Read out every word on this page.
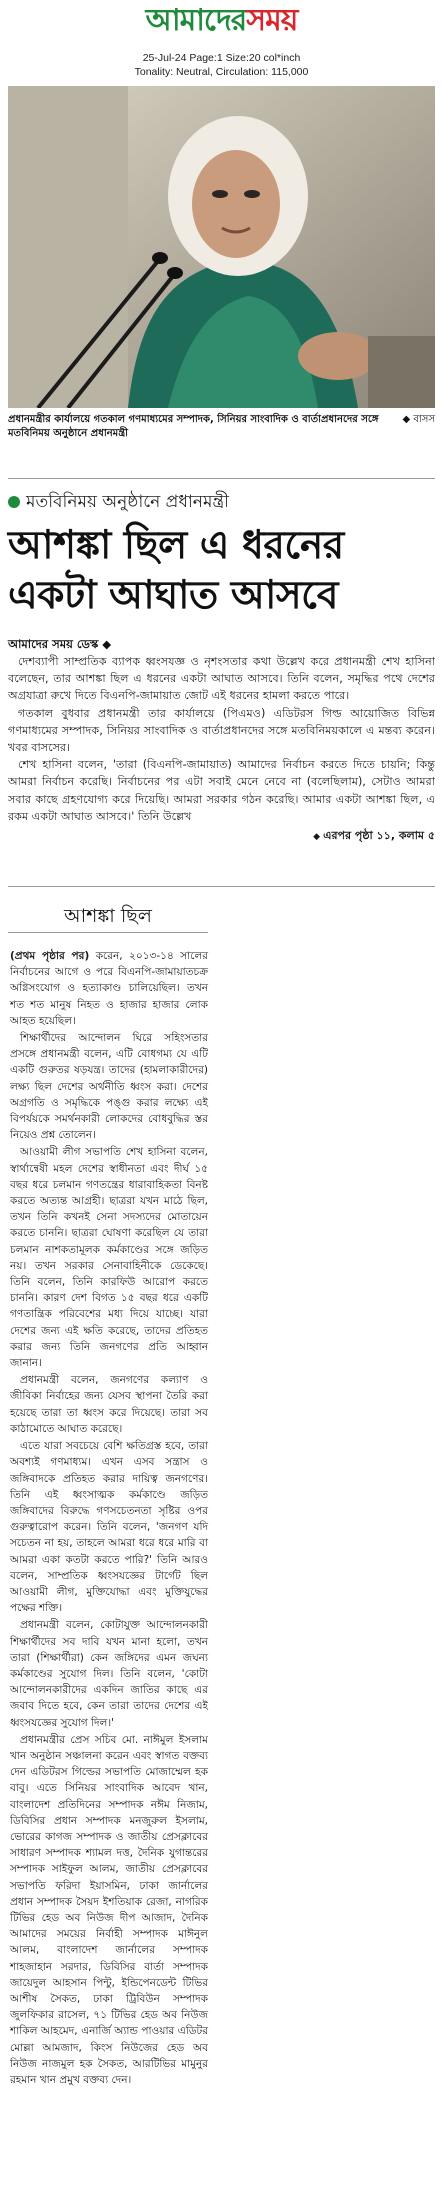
আমাদেরসময়
25-Jul-24 Page:1 Size:20 col*inch
Tonality: Neutral, Circulation: 115,000
◆ বাসস
প্রধানমন্ত্রীর কার্যালয়ে গতকাল গণমাধ্যমের সম্পাদক, সিনিয়র সাংবাদিক ও বার্তাপ্রধানদের সঙ্গে মতবিনিময় অনুষ্ঠানে প্রধানমন্ত্রী
মতবিনিময় অনুষ্ঠানে প্রধানমন্ত্রী
আশঙ্কা ছিল এ ধরনের
একটা আঘাত আসবে
আমাদের সময় ডেস্ক ◆

দেশব্যাপী সাম্প্রতিক ব্যাপক ধ্বংসযজ্ঞ ও নৃশংসতার কথা উল্লেখ করে প্রধানমন্ত্রী শেখ হাসিনা বলেছেন, তার আশঙ্কা ছিল এ ধরনের একটা আঘাত আসবে। তিনি বলেন, সমৃদ্ধির পথে দেশের অগ্রযাত্রা রুখে দিতে বিএনপি-জামায়াত জোট এই ধরনের হামলা করতে পারে।

গতকাল বুধবার প্রধানমন্ত্রী তার কার্যালয়ে (পিএমও) এডিটরস গিল্ড আয়োজিত বিভিন্ন গণমাধ্যমের সম্পাদক, সিনিয়র সাংবাদিক ও বার্তাপ্রধানদের সঙ্গে মতবিনিময়কালে এ মন্তব্য করেন। খবর বাসসের।

শেখ হাসিনা বলেন, 'তারা (বিএনপি-জামায়াত) আমাদের নির্বাচন করতে দিতে চায়নি; কিন্তু আমরা নির্বাচন করেছি। নির্বাচনের পর এটা সবাই মেনে নেবে না (বলেছিলাম), সেটাও আমরা সবার কাছে গ্রহণযোগ্য করে দিয়েছি। আমরা সরকার গঠন করেছি। আমার একটা আশঙ্কা ছিল, এ রকম একটা আঘাত আসবে।' তিনি উল্লেখ

◆ এরপর পৃষ্ঠা ১১, কলাম ৫
আশঙ্কা ছিল

(প্রথম পৃষ্ঠার পর) করেন, ২০১৩-১৪ সালের নির্বাচনের আগে ও পরে বিএনপি-জামায়াতচক্র অগ্নিসংযোগ ও হত্যাকাণ্ড চালিয়েছিল। তখন শত শত মানুষ নিহত ও হাজার হাজার লোক আহত হয়েছিল।

শিক্ষার্থীদের আন্দোলন ঘিরে সহিংসতার প্রসঙ্গে প্রধানমন্ত্রী বলেন, এটি বোধগম্য যে এটি একটি গুরুতর ষড়যন্ত্র। তাদের (হামলাকারীদের) লক্ষ্য ছিল দেশের অর্থনীতি ধ্বংস করা। দেশের অগ্রগতি ও সমৃদ্ধিকে পঙ্গু করার লক্ষ্যে এই বিপর্যয়কে সমর্থনকারী লোকদের বোধবুদ্ধির স্তর নিয়েও প্রশ্ন তোলেন।

আওয়ামী লীগ সভাপতি শেখ হাসিনা বলেন, স্বার্থান্বেষী মহল দেশের স্বাধীনতা এবং দীর্ঘ ১৫ বছর ধরে চলমান গণতন্ত্রের ধারাবাহিকতা বিনষ্ট করতে অত্যন্ত আগ্রহী। ছাত্ররা যখন মাঠে ছিল, তখন তিনি কখনই সেনা সদস্যদের মোতায়েন করতে চাননি। ছাত্ররা ঘোষণা করেছিল যে তারা চলমান নাশকতামূলক কর্মকাণ্ডের সঙ্গে জড়িত নয়। তখন সরকার সেনাবাহিনীকে ডেকেছে। তিনি বলেন, তিনি কারফিউ আরোপ করতে চাননি। কারণ দেশ বিগত ১৫ বছর ধরে একটি গণতান্ত্রিক পরিবেশের মধ্য দিয়ে যাচ্ছে। যারা দেশের জন্য এই ক্ষতি করেছে, তাদের প্রতিহত করার জন্য তিনি জনগণের প্রতি আহ্বান জানান।

প্রধানমন্ত্রী বলেন, জনগণের কল্যাণ ও জীবিকা নির্বাহের জন্য যেসব স্থাপনা তৈরি করা হয়েছে তারা তা ধ্বংস করে দিয়েছে। তারা সব কাঠামোতে আঘাত করেছে।

এতে যারা সবচেয়ে বেশি ক্ষতিগ্রস্ত হবে, তারা অবশ্যই গণমাধ্যম। এখন এসব সন্ত্রাস ও জঙ্গিবাদকে প্রতিহত করার দায়িত্ব জনগণের। তিনি এই ধ্বংসাত্মক কর্মকাণ্ডে জড়িত জঙ্গিবাদের বিরুদ্ধে গণসচেতনতা সৃষ্টির ওপর গুরুত্বারোপ করেন। তিনি বলেন, 'জনগণ যদি সচেতন না হয়, তাহলে আমরা ধরে ধরে মারি বা আমরা একা কতটা করতে পারি?' তিনি আরও বলেন, সাম্প্রতিক ধ্বংসযজ্ঞের টার্গেট ছিল আওয়ামী লীগ, মুক্তিযোদ্ধা এবং মুক্তিযুদ্ধের পক্ষের শক্তি।

প্রধানমন্ত্রী বলেন, কোটাযুক্ত আন্দোলনকারী শিক্ষার্থীদের সব দাবি যখন মানা হলো, তখন তারা (শিক্ষার্থীরা) কেন জঙ্গিদের এমন জঘন্য কর্মকাণ্ডের সুযোগ দিল। তিনি বলেন, 'কোটা আন্দোলনকারীদের একদিন জাতির কাছে এর জবাব দিতে হবে, কেন তারা তাদের দেশের এই ধ্বংসযজ্ঞের সুযোগ দিল।'

প্রধানমন্ত্রীর প্রেস সচিব মো. নাঈমুল ইসলাম খান অনুষ্ঠান সঞ্চালনা করেন এবং স্বাগত বক্তব্য দেন এডিটরস গিল্ডের সভাপতি মোজাম্মেল হক বাবু। এতে সিনিয়র সাংবাদিক আবেদ খান, বাংলাদেশ প্রতিদিনের সম্পাদক নঈম নিজাম, ডিবিসির প্রধান সম্পাদক মনজুরুল ইসলাম, ভোরের কাগজ সম্পাদক ও জাতীয় প্রেসক্লাবের সাধারণ সম্পাদক শ্যামল দত্ত, দৈনিক যুগান্তরের সম্পাদক সাইফুল আলম, জাতীয় প্রেসক্লাবের সভাপতি ফরিদা ইয়াসমিন, ঢাকা জার্নালের প্রধান সম্পাদক সৈয়দ ইশতিয়াক রেজা, নাগরিক টিভির হেড অব নিউজ দীপ আজাদ, দৈনিক আমাদের সময়ের নির্বাহী সম্পাদক মাঈনুল আলম, বাংলাদেশ জার্নালের সম্পাদক শাহজাহান সরদার, ডিবিসির বার্তা সম্পাদক জায়েদুল আহসান পিন্টু, ইন্ডিপেনডেন্ট টিভির আশীষ সৈকত, ঢাকা ট্রিবিউন সম্পাদক জুলফিকার রাসেল, ৭১ টিভির হেড অব নিউজ শাকিল আহমেদ, এনার্জি অ্যান্ড পাওয়ার এডিটর মোল্লা আমজাদ, কিংস নিউজের হেড অব নিউজ নাজমুল হক সৈকত, আরটিভির মামুনুর রহমান খান প্রমুখ বক্তব্য দেন।
